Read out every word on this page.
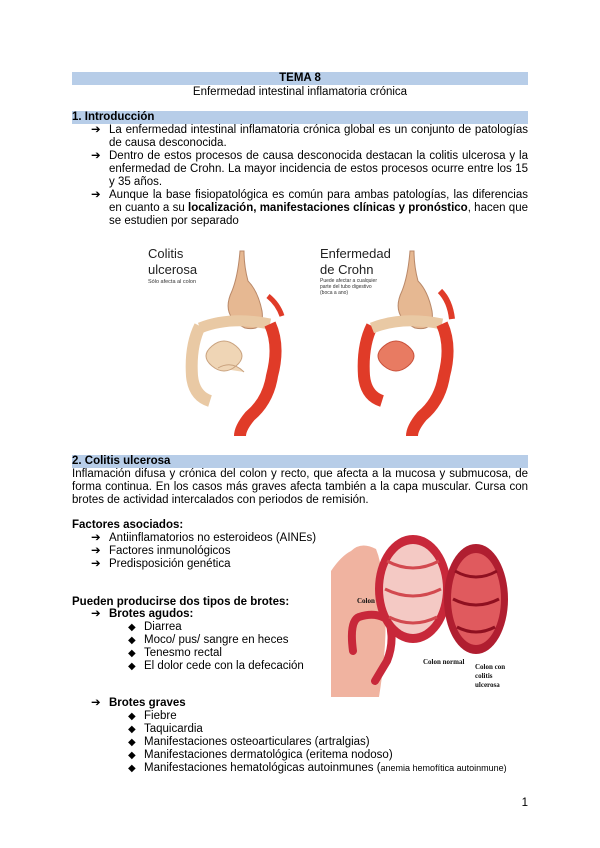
TEMA 8
Enfermedad intestinal inflamatoria crónica
1. Introducción
➔ La enfermedad intestinal inflamatoria crónica global es un conjunto de patologías de causa desconocida.
➔ Dentro de estos procesos de causa desconocida destacan la colitis ulcerosa y la enfermedad de Crohn. La mayor incidencia de estos procesos ocurre entre los 15 y 35 años.
➔ Aunque la base fisiopatológica es común para ambas patologías, las diferencias en cuanto a su localización, manifestaciones clínicas y pronóstico, hacen que se estudien por separado
Colitis
ulcerosa
Sólo afecta al colon
Enfermedad
de Crohn
Puede afectar a cualquier
parte del tubo digestivo
(boca a ano)
2. Colitis ulcerosa
Inflamación difusa y crónica del colon y recto, que afecta a la mucosa y submucosa, de forma continua. En los casos más graves afecta también a la capa muscular. Cursa con brotes de actividad intercalados con periodos de remisión.
Factores asociados:
➔ Antiinflamatorios no esteroideos (AINEs)
➔ Factores inmunológicos
➔ Predisposición genética
Pueden producirse dos tipos de brotes:
➔ Brotes agudos:
◆ Diarrea
◆ Moco/ pus/ sangre en heces
◆ Tenesmo rectal
◆ El dolor cede con la defecación
➔ Brotes graves
◆ Fiebre
◆ Taquicardia
◆ Manifestaciones osteoarticulares (artralgias)
◆ Manifestaciones dermatológica (eritema nodoso)
◆ Manifestaciones hematológicas autoinmunes (anemia hemofítica autoinmune)
Colon
Colon normal
Colon con
colitis
ulcerosa
1
